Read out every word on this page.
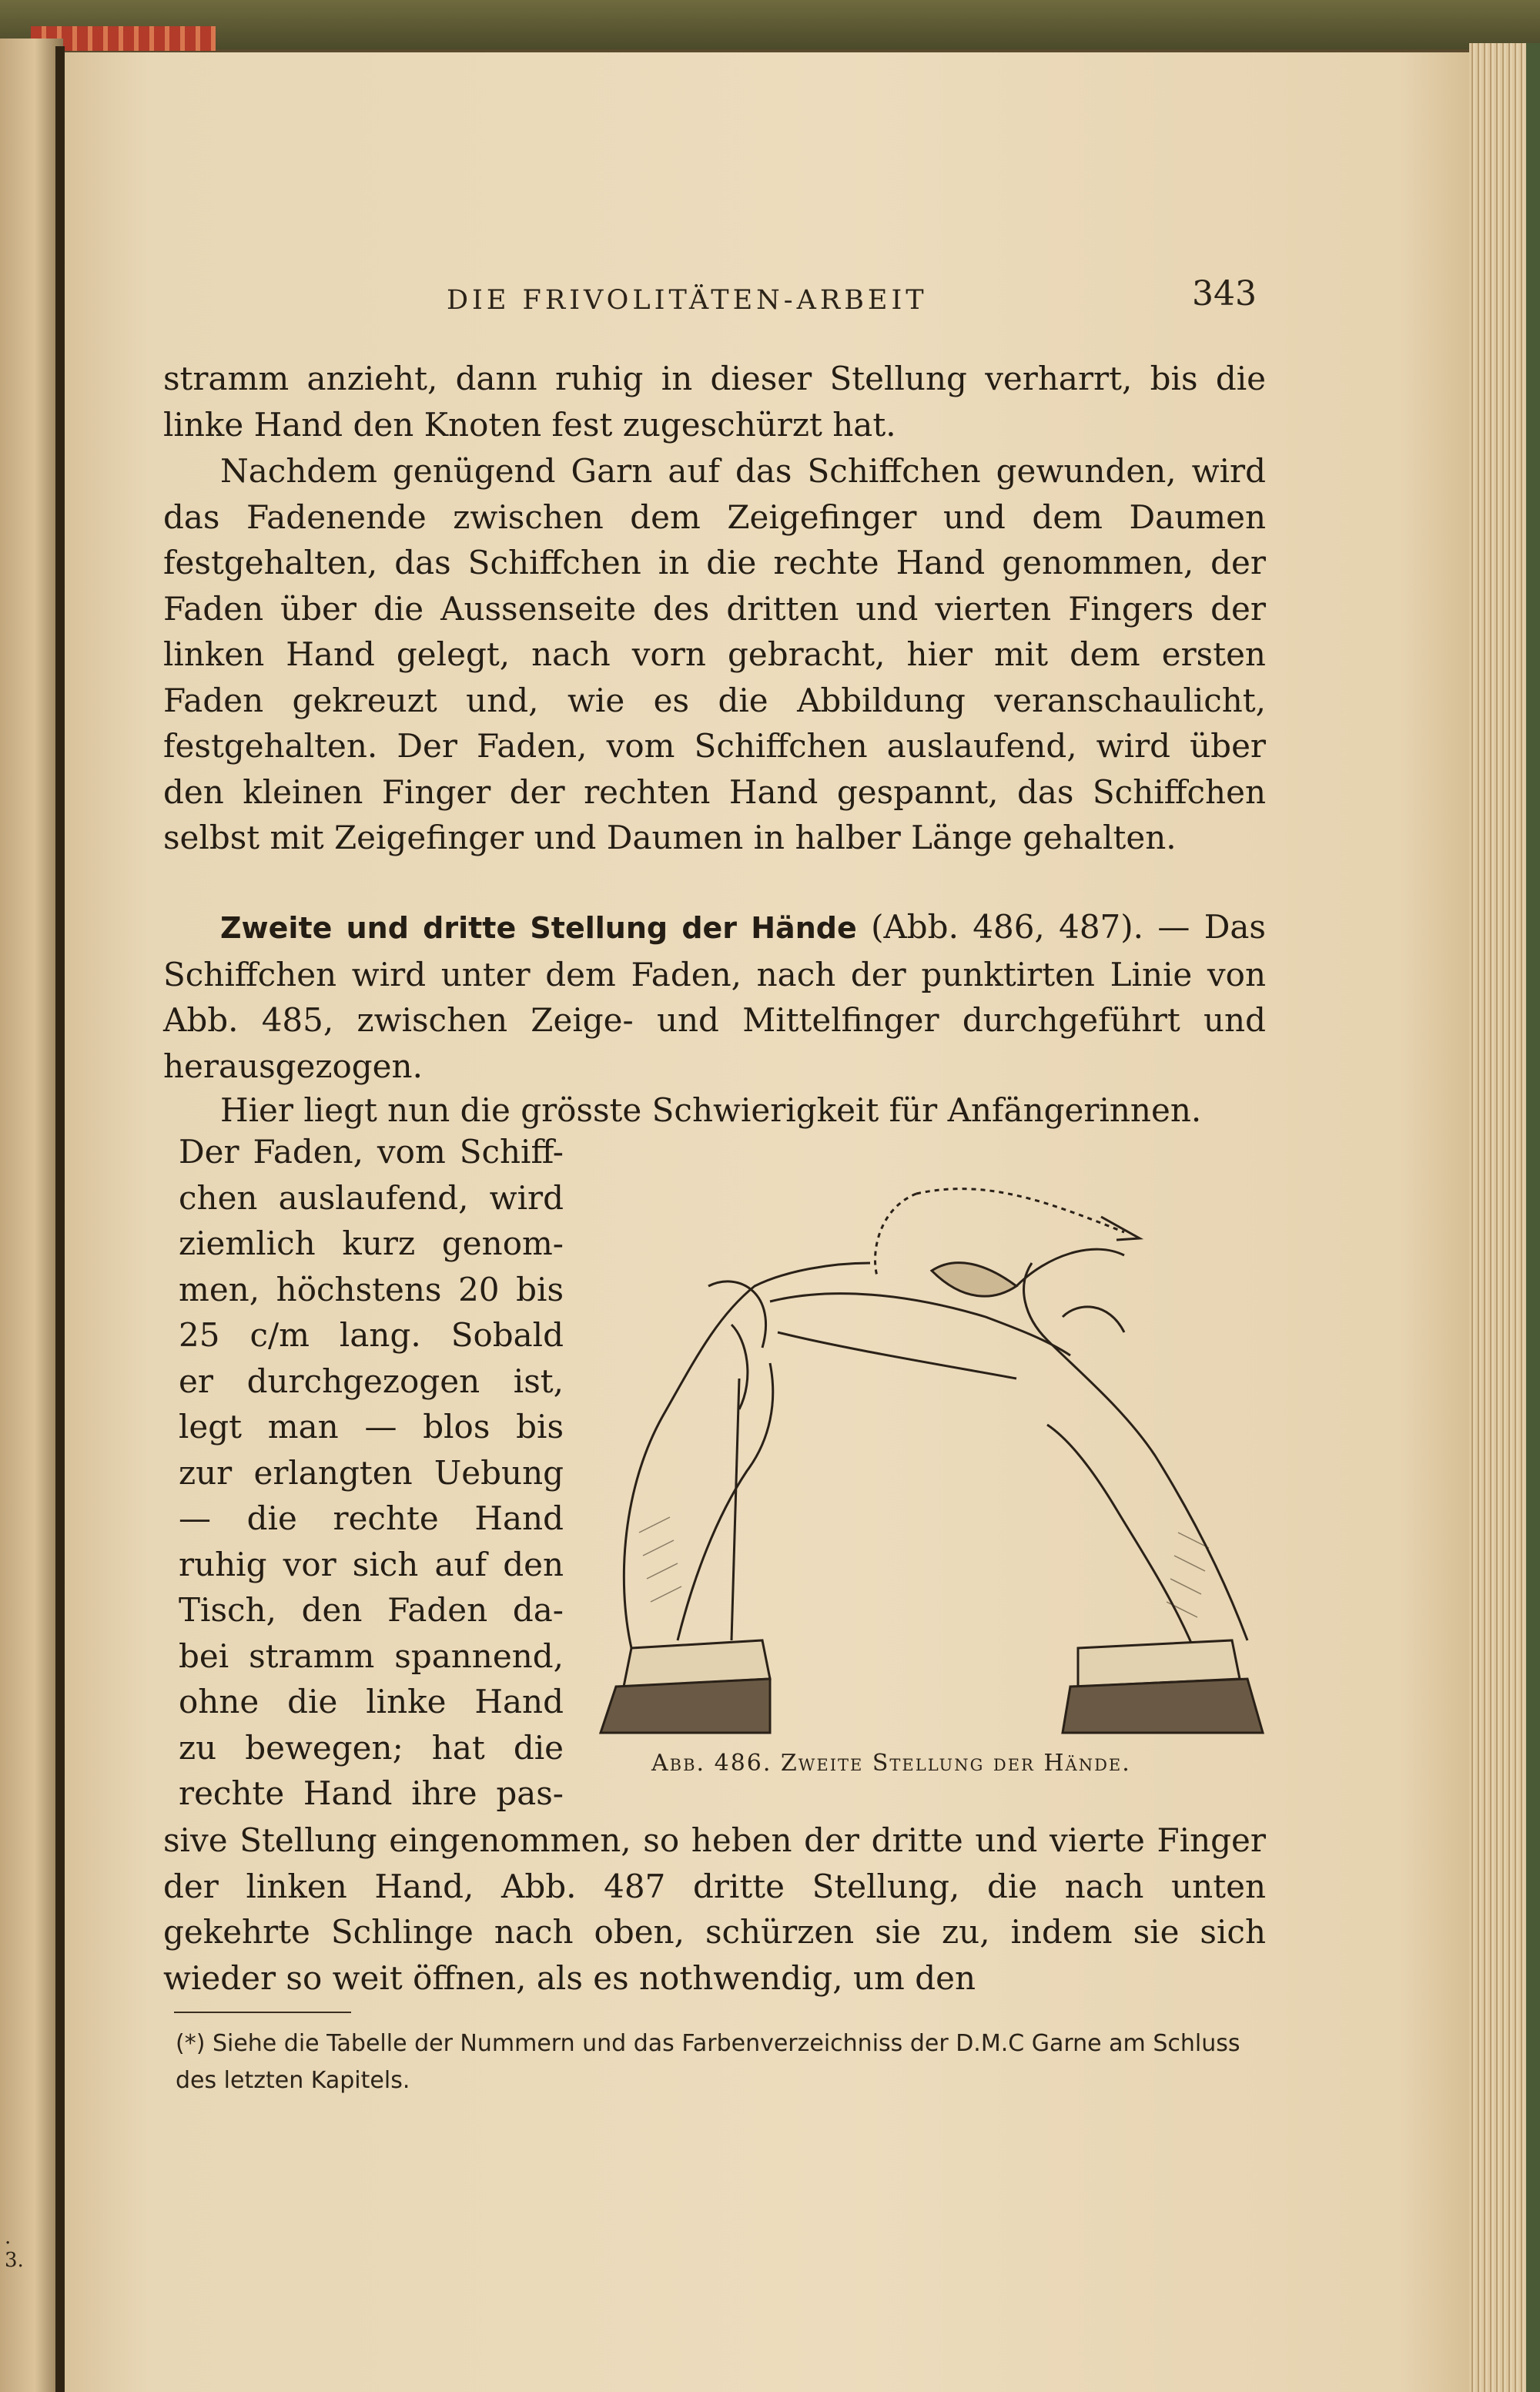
. 3.
DIE FRIVOLITÄTEN-ARBEIT	343
stramm anzieht, dann ruhig in dieser Stellung verharrt, bis die linke Hand den Knoten fest zugeschürzt hat.
Nachdem genügend Garn auf das Schiffchen gewunden, wird das Fadenende zwischen dem Zeigefinger und dem Daumen festgehalten, das Schiffchen in die rechte Hand genommen, der Faden über die Aussenseite des dritten und vierten Fingers der linken Hand gelegt, nach vorn gebracht, hier mit dem ersten Faden gekreuzt und, wie es die Abbildung veranschaulicht, festgehalten. Der Faden, vom Schiffchen auslaufend, wird über den kleinen Finger der rechten Hand gespannt, das Schiffchen selbst mit Zeigefinger und Daumen in halber Länge gehalten.
Zweite und dritte Stellung der Hände (Abb. 486, 487). — Das Schiffchen wird unter dem Faden, nach der punktirten Linie von Abb. 485, zwischen Zeige- und Mittelfinger durchgeführt und herausgezogen.
Hier liegt nun die grösste Schwierigkeit für Anfängerinnen.
Der Faden, vom Schiff-
chen auslaufend, wird
ziemlich kurz genom-
men, höchstens 20 bis
25 c/m lang. Sobald
er durchgezogen ist,
legt man — blos bis
zur erlangten Uebung
— die rechte Hand
ruhig vor sich auf den
Tisch, den Faden da-
bei stramm spannend,
ohne die linke Hand
zu bewegen; hat die
rechte Hand ihre pas-
Abb. 486. Zweite Stellung der Hände.
sive Stellung eingenommen, so heben der dritte und vierte Finger der linken Hand, Abb. 487 dritte Stellung, die nach unten gekehrte Schlinge nach oben, schürzen sie zu, indem sie sich wieder so weit öffnen, als es nothwendig, um den
(*) Siehe die Tabelle der Nummern und das Farbenverzeichniss der D.M.C Garne am Schluss des letzten Kapitels.
